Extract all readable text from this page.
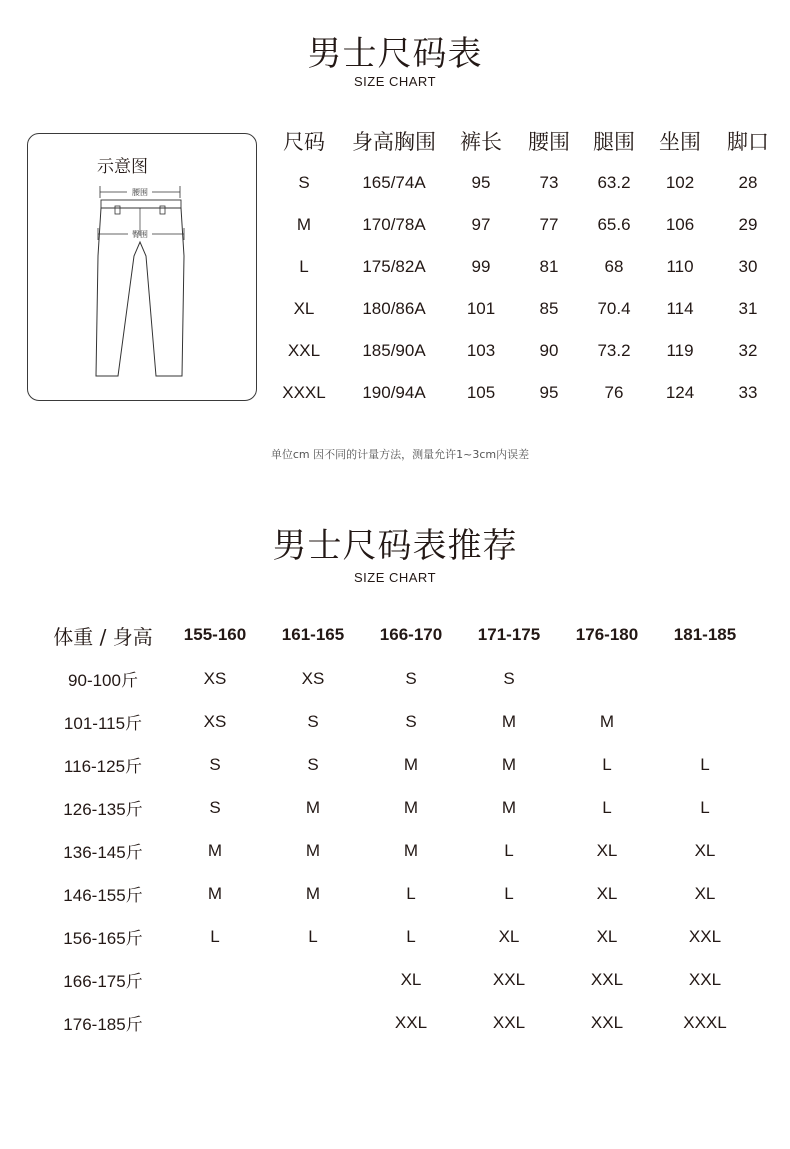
男士尺码表
SIZE CHART
示意图
腰围
臀围
尺码	身高胸围	裤长	腰围	腿围	坐围	脚口
S	165/74A	95	73	63.2	102	28
M	170/78A	97	77	65.6	106	29
L	175/82A	99	81	68	110	30
XL	180/86A	101	85	70.4	114	31
XXL	185/90A	103	90	73.2	119	32
XXXL	190/94A	105	95	76	124	33
单位cm 因不同的计量方法，测量允许1~3cm内误差
男士尺码表推荐
SIZE CHART
体重 / 身高	155-160	161-165	166-170	171-175	176-180	181-185
90-100斤	XS	XS	S	S		
101-115斤	XS	S	S	M	M	
116-125斤	S	S	M	M	L	L
126-135斤	S	M	M	M	L	L
136-145斤	M	M	M	L	XL	XL
146-155斤	M	M	L	L	XL	XL
156-165斤	L	L	L	XL	XL	XXL
166-175斤			XL	XXL	XXL	XXL
176-185斤			XXL	XXL	XXL	XXXL
